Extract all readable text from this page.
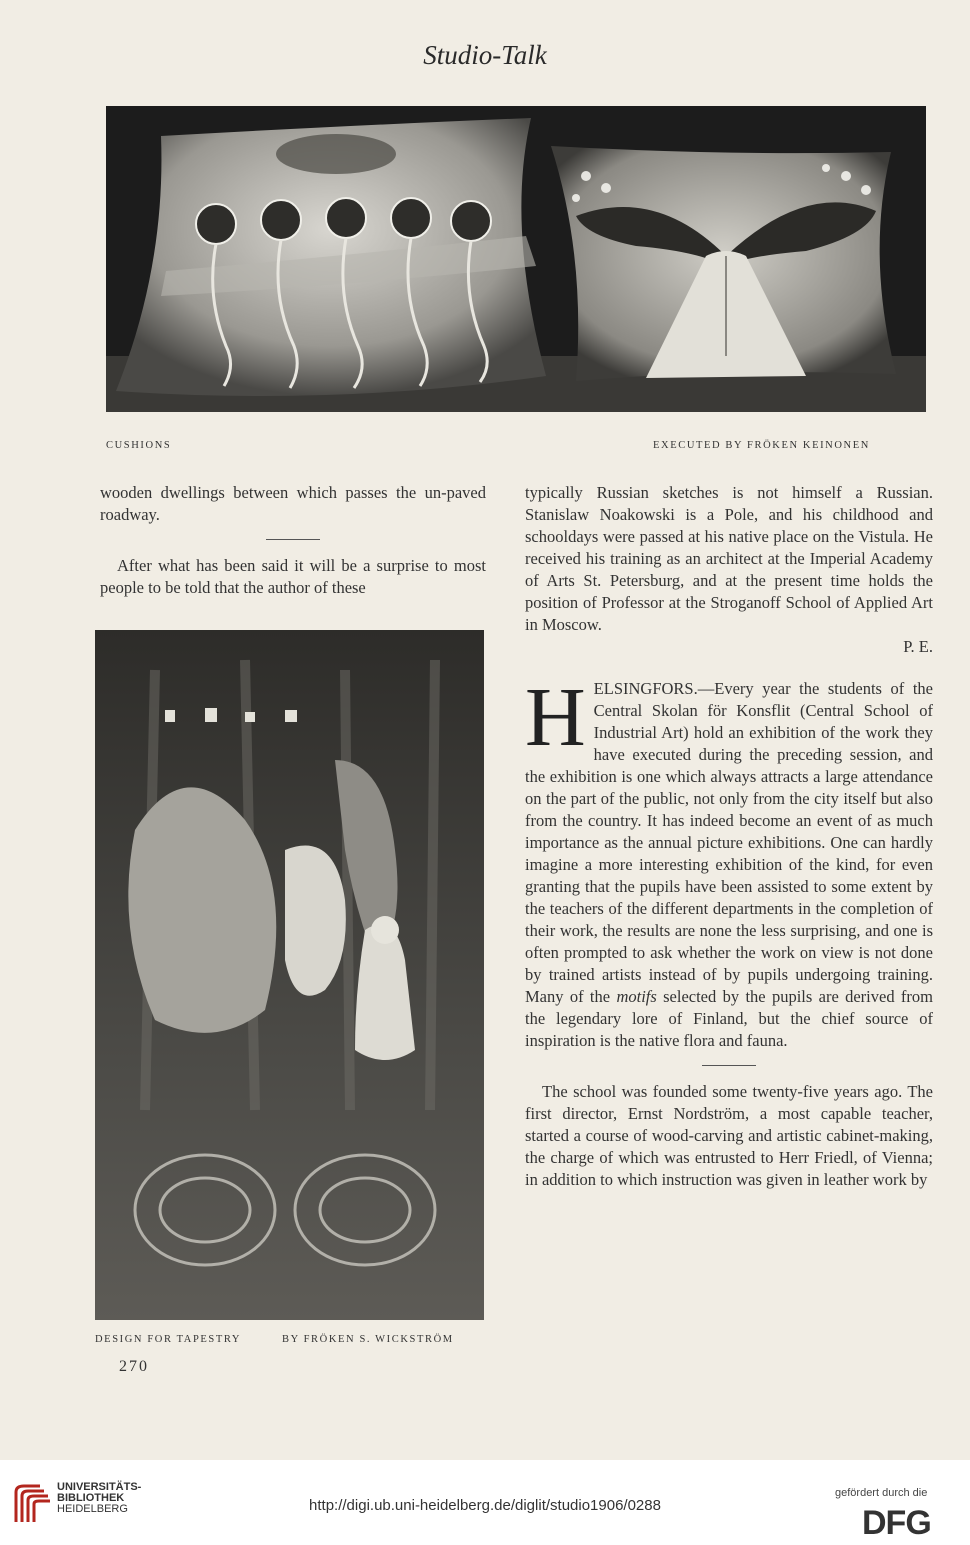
Studio-Talk
CUSHIONS	EXECUTED BY FRÖKEN KEINONEN

wooden dwellings between which passes the un-paved roadway.

After what has been said it will be a surprise to most people to be told that the author of these

DESIGN FOR TAPESTRY	BY FRÖKEN S. WICKSTRÖM

typically Russian sketches is not himself a Russian. Stanislaw Noakowski is a Pole, and his childhood and schooldays were passed at his native place on the Vistula. He received his training as an architect at the Imperial Academy of Arts St. Petersburg, and at the present time holds the position of Professor at the Stroganoff School of Applied Art in Moscow.

P. E.

HELSINGFORS.—Every year the students of the Central Skolan för Konsflit (Central School of Industrial Art) hold an exhibition of the work they have executed during the preceding session, and the exhibition is one which always attracts a large attendance on the part of the public, not only from the city itself but also from the country. It has indeed become an event of as much importance as the annual picture exhibitions. One can hardly imagine a more interesting exhibition of the kind, for even granting that the pupils have been assisted to some extent by the teachers of the different departments in the completion of their work, the results are none the less surprising, and one is often prompted to ask whether the work on view is not done by trained artists instead of by pupils undergoing training. Many of the motifs selected by the pupils are derived from the legendary lore of Finland, but the chief source of inspiration is the native flora and fauna.

The school was founded some twenty-five years ago. The first director, Ernst Nordström, a most capable teacher, started a course of wood-carving and artistic cabinet-making, the charge of which was entrusted to Herr Friedl, of Vienna; in addition to which instruction was given in leather work by

270
UNIVERSITÄTS-
BIBLIOTHEK
HEIDELBERG	http://digi.ub.uni-heidelberg.de/diglit/studio1906/0288
gefördert durch die
DFG
